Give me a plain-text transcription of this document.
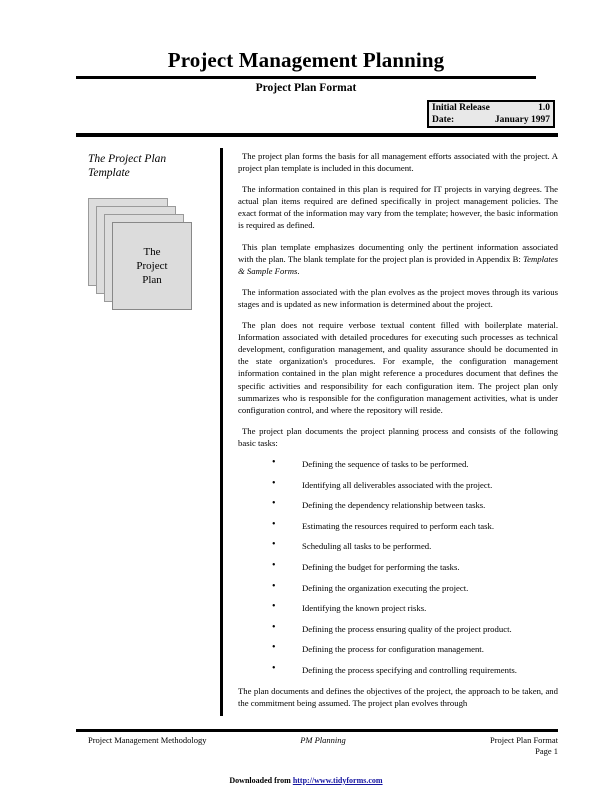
Project Management Planning
Project Plan Format
Initial Release	1.0
Date:	January 1997
The Project Plan Template
The
Project
Plan

The project plan forms the basis for all management efforts associated with the project. A project plan template is included in this document.

The information contained in this plan is required for IT projects in varying degrees. The actual plan items required are defined specifically in project management policies. The exact format of the information may vary from the template; however, the basic information is required as defined.

This plan template emphasizes documenting only the pertinent information associated with the plan. The blank template for the project plan is provided in Appendix B: Templates & Sample Forms.

The information associated with the plan evolves as the project moves through its various stages and is updated as new information is determined about the project.

The plan does not require verbose textual content filled with boilerplate material. Information associated with detailed procedures for executing such processes as technical development, configuration management, and quality assurance should be documented in the state organization's procedures. For example, the configuration management information contained in the plan might reference a procedures document that defines the specific activities and responsibility for each configuration item. The project plan only summarizes who is responsible for the configuration management activities, what is under configuration control, and where the repository will reside.

The project plan documents the project planning process and consists of the following basic tasks:

• Defining the sequence of tasks to be performed.
• Identifying all deliverables associated with the project.
• Defining the dependency relationship between tasks.
• Estimating the resources required to perform each task.
• Scheduling all tasks to be performed.
• Defining the budget for performing the tasks.
• Defining the organization executing the project.
• Identifying the known project risks.
• Defining the process ensuring quality of the project product.
• Defining the process for configuration management.
• Defining the process specifying and controlling requirements.

The plan documents and defines the objectives of the project, the approach to be taken, and the commitment being assumed. The project plan evolves through

Project Management Methodology	PM Planning	Project Plan Format
Page 1
Downloaded from http://www.tidyforms.com
